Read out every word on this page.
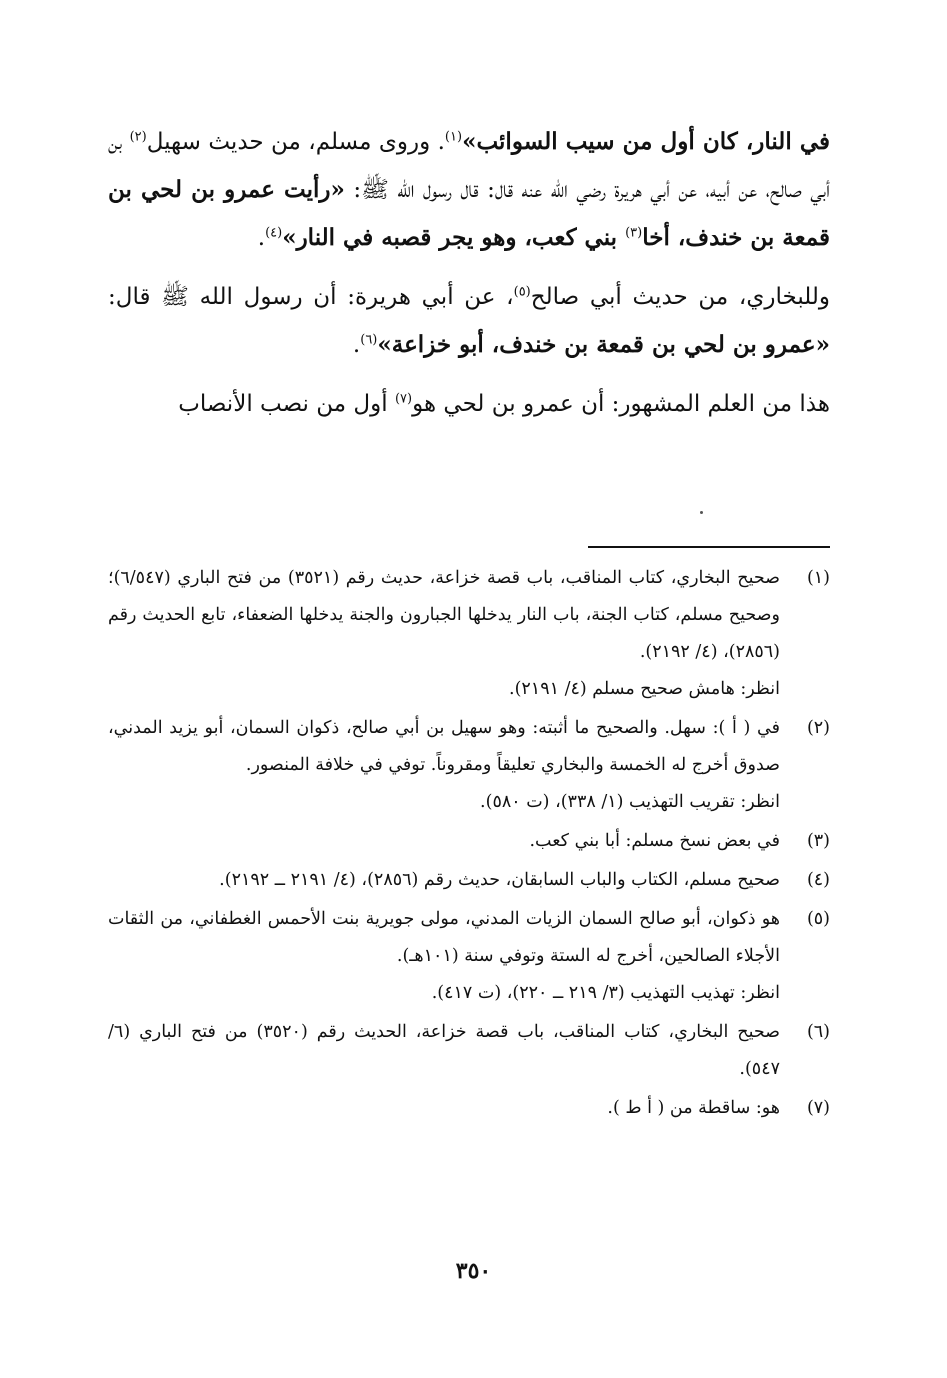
في النار، كان أول من سيب السوائب»$^{(١)}$. وروى مسلم، من حديث سهيل$^{(٢)}$ بن أبي صالح، عن أبيه، عن أبي هريرة رضي الله عنه قال: قال رسول الله ﷺ: «رأيت عمرو بن لحي بن قمعة بن خندف، أخا$^{(٣)}$ بني كعب، وهو يجر قصبه في النار»$^{(٤)}$.

وللبخاري، من حديث أبي صالح$^{(٥)}$، عن أبي هريرة: أن رسول الله ﷺ قال: «عمرو بن لحي بن قمعة بن خندف، أبو خزاعة»$^{(٦)}$.

هذا من العلم المشهور: أن عمرو بن لحي هو$^{(٧)}$ أول من نصب الأنصاب

(١)

صحيح البخاري، كتاب المناقب، باب قصة خزاعة، حديث رقم (٣٥٢١) من فتح الباري (٦/٥٤٧)؛ وصحيح مسلم، كتاب الجنة، باب النار يدخلها الجبارون والجنة يدخلها الضعفاء، تابع الحديث رقم (٢٨٥٦)، (٤/ ٢١٩٢).

انظر: هامش صحيح مسلم (٤/ ٢١٩١).

(٢)

في ( أ ): سهل. والصحيح ما أثبته: وهو سهيل بن أبي صالح، ذكوان السمان، أبو يزيد المدني، صدوق أخرج له الخمسة والبخاري تعليقاً ومقروناً. توفي في خلافة المنصور.

انظر: تقريب التهذيب (١/ ٣٣٨)، (ت ٥٨٠).

(٣)

في بعض نسخ مسلم: أبا بني كعب.

(٤)

صحيح مسلم، الكتاب والباب السابقان، حديث رقم (٢٨٥٦)، (٤/ ٢١٩١ ــ ٢١٩٢).

(٥)

هو ذكوان، أبو صالح السمان الزيات المدني، مولى جويرية بنت الأحمس الغطفاني، من الثقات الأجلاء الصالحين، أخرج له الستة وتوفي سنة (١٠١هـ).

انظر: تهذيب التهذيب (٣/ ٢١٩ ــ ٢٢٠)، (ت ٤١٧).

(٦)

صحيح البخاري، كتاب المناقب، باب قصة خزاعة، الحديث رقم (٣٥٢٠) من فتح الباري (٦/ ٥٤٧).

(٧)

هو: ساقطة من ( أ ط ).

٣٥٠
